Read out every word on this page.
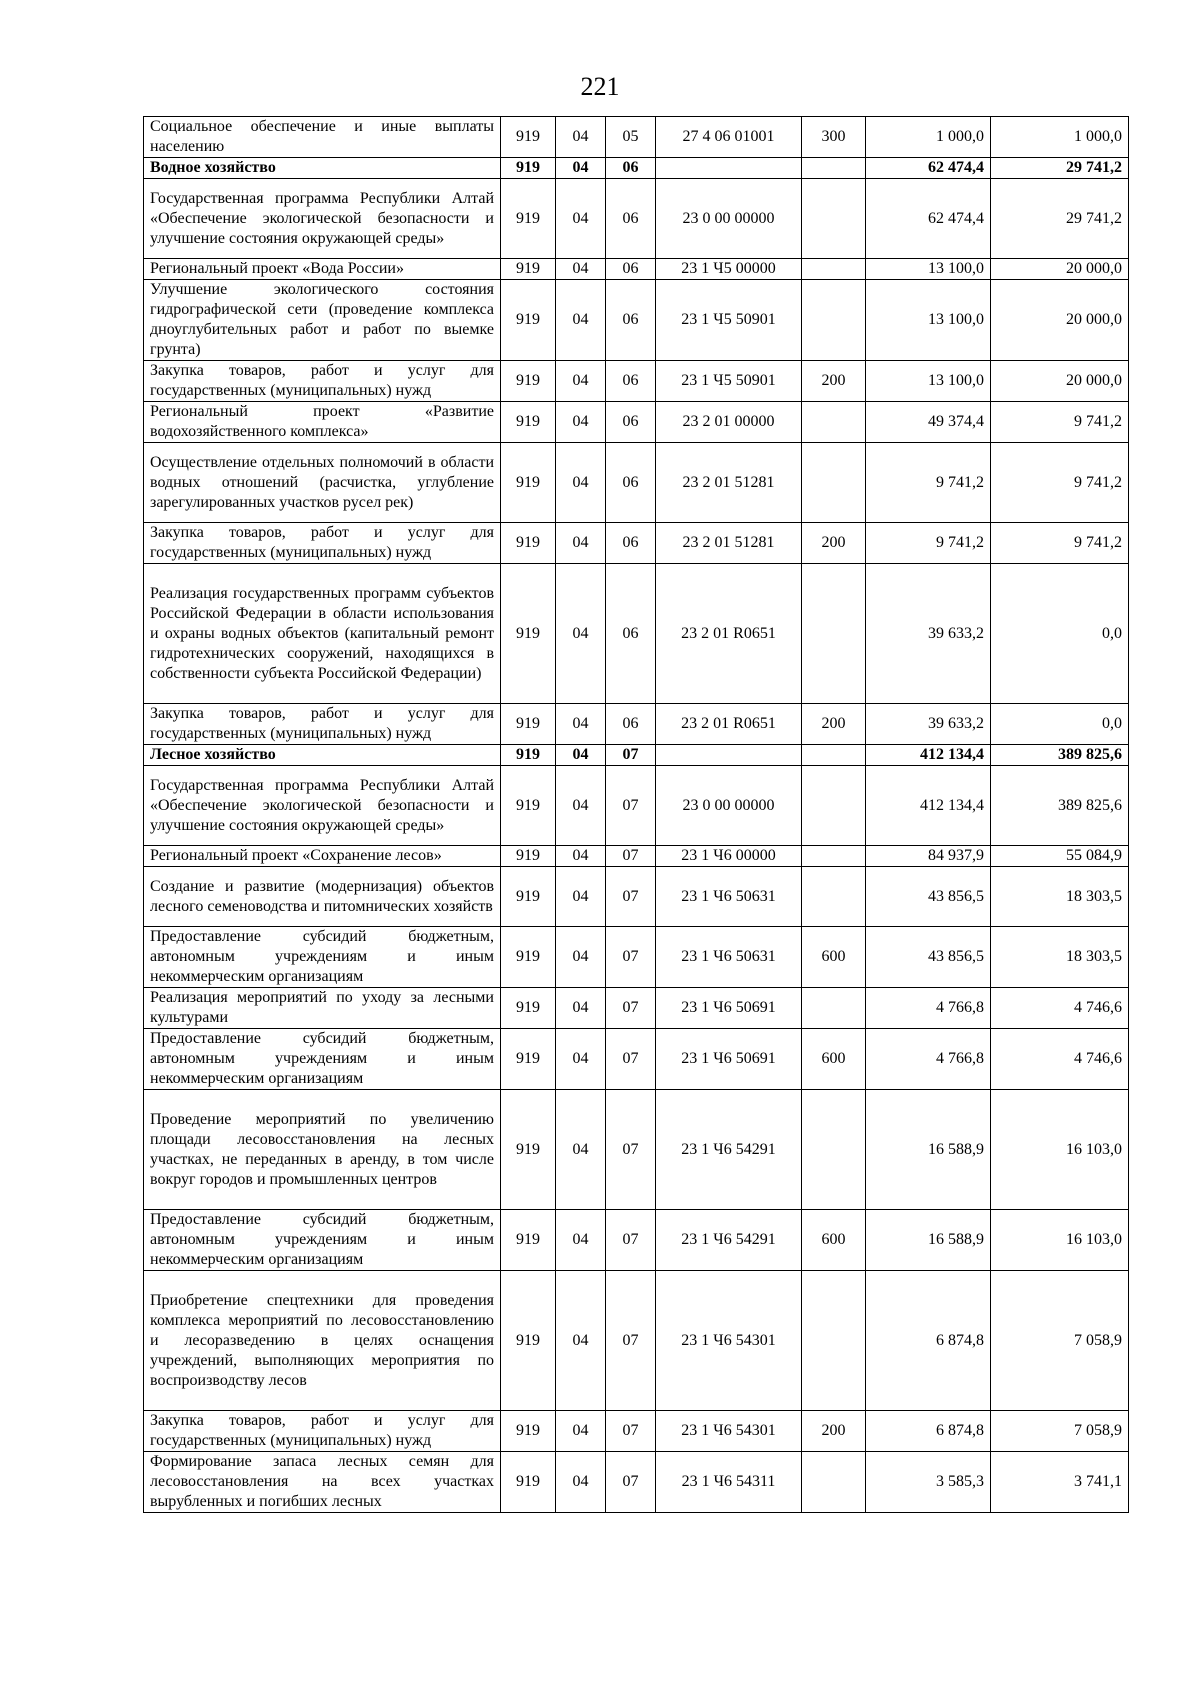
221
Социальное обеспечение и иные выплаты населению	919	04	05	27 4 06 01001	300	1 000,0	1 000,0
Водное хозяйство	919	04	06			62 474,4	29 741,2
Государственная программа Республики Алтай «Обеспечение экологической безопасности и улучшение состояния окружающей среды»	919	04	06	23 0 00 00000		62 474,4	29 741,2
Региональный проект «Вода России»	919	04	06	23 1 Ч5 00000		13 100,0	20 000,0
Улучшение экологического состояния гидрографической сети (проведение комплекса дноуглубительных работ и работ по выемке грунта)	919	04	06	23 1 Ч5 50901		13 100,0	20 000,0
Закупка товаров, работ и услуг для государственных (муниципальных) нужд	919	04	06	23 1 Ч5 50901	200	13 100,0	20 000,0
Региональный проект «Развитие водохозяйственного комплекса»	919	04	06	23 2 01 00000		49 374,4	9 741,2
Осуществление отдельных полномочий в области водных отношений (расчистка, углубление зарегулированных участков русел рек)	919	04	06	23 2 01 51281		9 741,2	9 741,2
Закупка товаров, работ и услуг для государственных (муниципальных) нужд	919	04	06	23 2 01 51281	200	9 741,2	9 741,2
Реализация государственных программ субъектов Российской Федерации в области использования и охраны водных объектов (капитальный ремонт гидротехнических сооружений, находящихся в собственности субъекта Российской Федерации)	919	04	06	23 2 01 R0651		39 633,2	0,0
Закупка товаров, работ и услуг для государственных (муниципальных) нужд	919	04	06	23 2 01 R0651	200	39 633,2	0,0
Лесное хозяйство	919	04	07			412 134,4	389 825,6
Государственная программа Республики Алтай «Обеспечение экологической безопасности и улучшение состояния окружающей среды»	919	04	07	23 0 00 00000		412 134,4	389 825,6
Региональный проект «Сохранение лесов»	919	04	07	23 1 Ч6 00000		84 937,9	55 084,9
Создание и развитие (модернизация) объектов лесного семеноводства и питомнических хозяйств	919	04	07	23 1 Ч6 50631		43 856,5	18 303,5
Предоставление субсидий бюджетным, автономным учреждениям и иным некоммерческим организациям	919	04	07	23 1 Ч6 50631	600	43 856,5	18 303,5
Реализация мероприятий по уходу за лесными культурами	919	04	07	23 1 Ч6 50691		4 766,8	4 746,6
Предоставление субсидий бюджетным, автономным учреждениям и иным некоммерческим организациям	919	04	07	23 1 Ч6 50691	600	4 766,8	4 746,6
Проведение мероприятий по увеличению площади лесовосстановления на лесных участках, не переданных в аренду, в том числе вокруг городов и промышленных центров	919	04	07	23 1 Ч6 54291		16 588,9	16 103,0
Предоставление субсидий бюджетным, автономным учреждениям и иным некоммерческим организациям	919	04	07	23 1 Ч6 54291	600	16 588,9	16 103,0
Приобретение спецтехники для проведения комплекса мероприятий по лесовосстановлению и лесоразведению в целях оснащения учреждений, выполняющих мероприятия по воспроизводству лесов	919	04	07	23 1 Ч6 54301		6 874,8	7 058,9
Закупка товаров, работ и услуг для государственных (муниципальных) нужд	919	04	07	23 1 Ч6 54301	200	6 874,8	7 058,9
Формирование запаса лесных семян для лесовосстановления на всех участках вырубленных и погибших лесных	919	04	07	23 1 Ч6 54311		3 585,3	3 741,1
